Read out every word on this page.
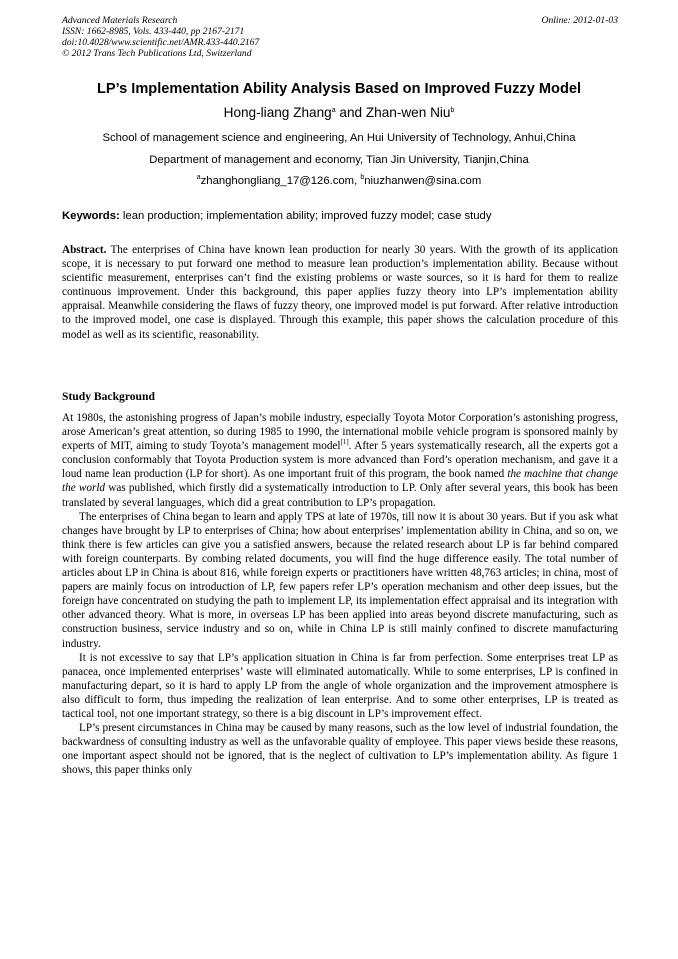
Advanced Materials Research
ISSN: 1662-8985, Vols. 433-440, pp 2167-2171
doi:10.4028/www.scientific.net/AMR.433-440.2167
© 2012 Trans Tech Publications Ltd, Switzerland
Online: 2012-01-03
LP’s Implementation Ability Analysis Based on Improved Fuzzy Model
Hong-liang Zhang$^a$ and Zhan-wen Niu$^b$
School of management science and engineering, An Hui University of Technology, Anhui,China
Department of management and economy, Tian Jin University, Tianjin,China
$^a$zhanghongliang_17@126.com, $^b$niuzhanwen@sina.com
Keywords: lean production; implementation ability; improved fuzzy model; case study
Abstract. The enterprises of China have known lean production for nearly 30 years. With the growth of its application scope, it is necessary to put forward one method to measure lean production’s implementation ability. Because without scientific measurement, enterprises can’t find the existing problems or waste sources, so it is hard for them to realize continuous improvement. Under this background, this paper applies fuzzy theory into LP’s implementation ability appraisal. Meanwhile considering the flaws of fuzzy theory, one improved model is put forward. After relative introduction to the improved model, one case is displayed. Through this example, this paper shows the calculation procedure of this model as well as its scientific, reasonability.
Study Background

At 1980s, the astonishing progress of Japan’s mobile industry, especially Toyota Motor Corporation’s astonishing progress, arose American’s great attention, so during 1985 to 1990, the international mobile vehicle program is sponsored mainly by experts of MIT, aiming to study Toyota’s management model[1]. After 5 years systematically research, all the experts got a conclusion conformably that Toyota Production system is more advanced than Ford’s operation mechanism, and gave it a loud name lean production (LP for short). As one important fruit of this program, the book named the machine that change the world was published, which firstly did a systematically introduction to LP. Only after several years, this book has been translated by several languages, which did a great contribution to LP’s propagation.

The enterprises of China began to learn and apply TPS at late of 1970s, till now it is about 30 years. But if you ask what changes have brought by LP to enterprises of China; how about enterprises’ implementation ability in China, and so on, we think there is few articles can give you a satisfied answers, because the related research about LP is far behind compared with foreign counterparts. By combing related documents, you will find the huge difference easily. The total number of articles about LP in China is about 816, while foreign experts or practitioners have written 48,763 articles; in china, most of papers are mainly focus on introduction of LP, few papers refer LP’s operation mechanism and other deep issues, but the foreign have concentrated on studying the path to implement LP, its implementation effect appraisal and its integration with other advanced theory. What is more, in overseas LP has been applied into areas beyond discrete manufacturing, such as construction business, service industry and so on, while in China LP is still mainly confined to discrete manufacturing industry.

It is not excessive to say that LP’s application situation in China is far from perfection. Some enterprises treat LP as panacea, once implemented enterprises’ waste will eliminated automatically. While to some enterprises, LP is confined in manufacturing depart, so it is hard to apply LP from the angle of whole organization and the improvement atmosphere is also difficult to form, thus impeding the realization of lean enterprise. And to some other enterprises, LP is treated as tactical tool, not one important strategy, so there is a big discount in LP’s improvement effect.

LP’s present circumstances in China may be caused by many reasons, such as the low level of industrial foundation, the backwardness of consulting industry as well as the unfavorable quality of employee. This paper views beside these reasons, one important aspect should not be ignored, that is the neglect of cultivation to LP’s implementation ability. As figure 1 shows, this paper thinks only
